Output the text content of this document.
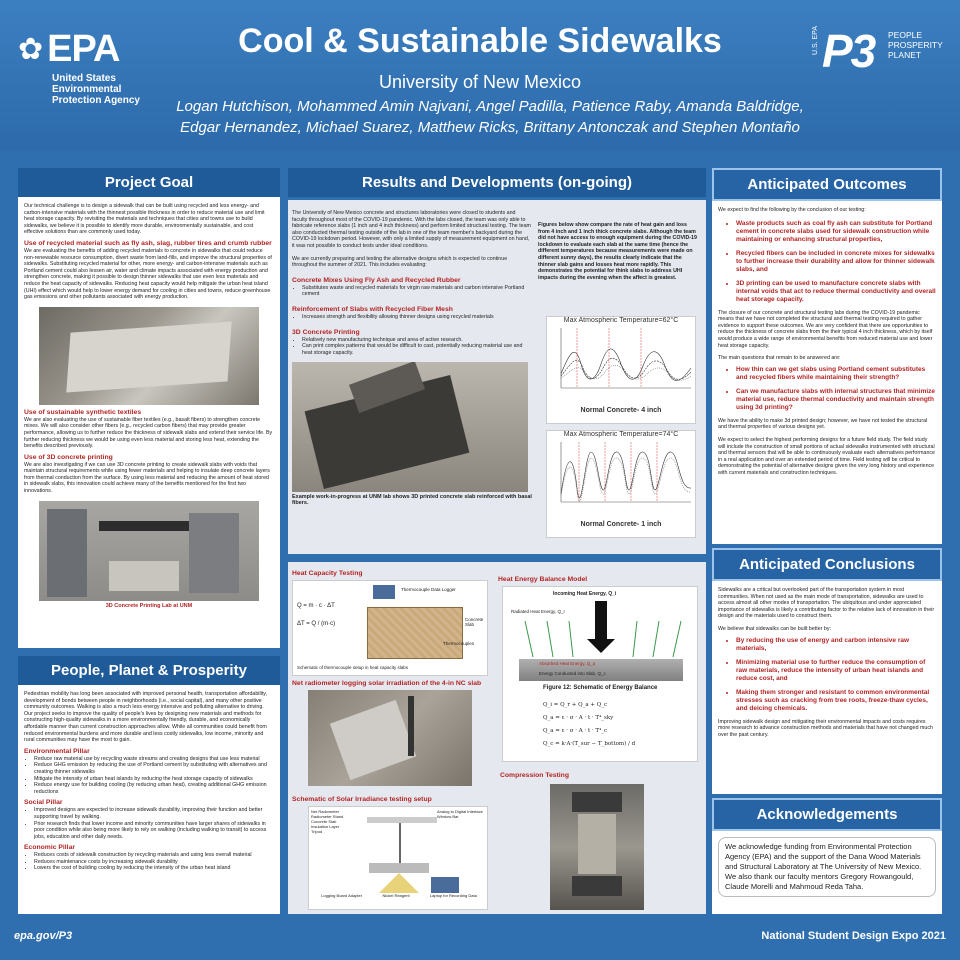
✿ EPA
United States
Environmental
Protection Agency
Cool & Sustainable Sidewalks
University of New Mexico
Logan Hutchison, Mohammed Amin Najvani, Angel Padilla, Patience Raby, Amanda Baldridge,
Edgar Hernandez, Michael Suarez, Matthew Ricks, Brittany Antonczak and Stephen Montaño
U.S. EPA P3 PEOPLE
PROSPERITY
PLANET
Project Goal
Our technical challenge is to design a sidewalk that can be built using recycled and less energy- and carbon-intensive materials with the thinnest possible thickness in order to reduce material use and limit heat storage capacity. By revisiting the materials and techniques that cities and towns use to build sidewalks, we believe it is possible to identify more durable, environmentally sustainable, and cost effective solutions than are commonly used today.
Use of recycled material such as fly ash, slag, rubber tires and crumb rubber
We are evaluating the benefits of adding recycled materials to concrete in sidewalks that could reduce non-renewable resource consumption, divert waste from land-fills, and improve the structural properties of sidewalks. Substituting recycled material for other, more energy- and carbon-intensive materials such as Portland cement could also lessen air, water and climate impacts associated with energy production and strengthen concrete, making it possible to design thinner sidewalks that use even less materials and reduce the heat capacity of sidewalks. Reducing heat capacity would help mitigate the urban heat island (UHI) effect which would help to lower energy demand for cooling in cities and towns, reduce greenhouse gas emissions and other pollutants associated with energy production.
Use of sustainable synthetic textiles
We are also evaluating the use of sustainable fiber textiles (e.g., basalt fibers) to strengthen concrete mixes. We will also consider other fibers (e.g., recycled carbon fibers) that may provide greater performance, allowing us to further reduce the thickness of sidewalk slabs and extend their service life. By further reducing thickness we would be using even less material and storing less heat, extending the benefits described previously.
Use of 3D concrete printing
We are also investigating if we can use 3D concrete printing to create sidewalk slabs with voids that maintain structural requirements while using fewer materials and helping to insulate deep concrete layers from thermal conduction from the surface. By using less material and reducing the amount of heat stored in sidewalk slabs, this innovation could achieve many of the benefits mentioned for the first two innovations.
3D Concrete Printing Lab at UNM
People, Planet & Prosperity
Pedestrian mobility has long been associated with improved personal health, transportation affordability, development of bonds between people in neighborhoods (i.e., social capital), and many other positive community outcomes. Walking is also a much less energy intensive and polluting alternative to driving. Our project seeks to improve the quality of people's lives by designing new materials and methods for constructing high-quality sidewalks in a more environmentally friendly, durable, and economically affordable manner than current construction approaches allow. While all communities could benefit from reduced environmental burdens and more durable and less costly sidewalks, low income, minority and rural communities may have the most to gain.
Environmental Pillar
• Reduce raw material use by recycling waste streams and creating designs that use less material
• Reduce GHG emission by reducing the use of Portland cement by substituting with alternatives and creating thinner sidewalks
• Mitigate the intensity of urban heat islands by reducing the heat storage capacity of sidewalks
• Reduce energy use for building cooling (by reducing urban heat), creating additional GHG emission reductions
Social Pillar
• Improved designs are expected to increase sidewalk durability, improving their function and better supporting travel by walking.
• Prior research finds that lower income and minority communities have larger shares of sidewalks in poor condition while also being more likely to rely on walking (including walking to transit) to access jobs, education and other daily needs.
Economic Pillar
• Reduces costs of sidewalk construction by recycling materials and using less overall material
• Reduces maintenance costs by increasing sidewalk durability
• Lowers the cost of building cooling by reducing the intensity of the urban heat island
Results and Developments (on-going)
The University of New Mexico concrete and structures laboratories were closed to students and faculty throughout most of the COVID-19 pandemic. With the labs closed, the team was only able to fabricate reference slabs (1 inch and 4 inch thickness) and perform limited structural testing. The team also conducted thermal testing outside of the lab in one of the team member's backyard during the COVID-19 lockdown period. However, with only a limited supply of measurement equipment on hand, it was not possible to conduct tests under ideal conditions.
We are currently preparing and testing the alternative designs which is expected to continue throughout the summer of 2021. This includes evaluating:
Concrete Mixes Using Fly Ash and Recycled Rubber
• Substitutes waste and recycled materials for virgin raw materials and carbon intensive Portland cement
Reinforcement of Slabs with Recycled Fiber Mesh
• Increases strength and flexibility allowing thinner designs using recycled materials
3D Concrete Printing
• Relatively new manufacturing technique and area of active research.
• Can print complex patterns that would be difficult to cast, potentially reducing material use and heat storage capacity.
Example work-in-progress at UNM lab shows 3D printed concrete slab reinforced with basal fibers.
Figures below show compare the rate of heat gain and loss from 4 inch and 1 inch thick concrete slabs. Although the team did not have access to enough equipment during the COVID-19 lockdown to evaluate each slab at the same time (hence the different temperatures because measurements were made on different sunny days), the results clearly indicate that the thinner slab gains and losses heat more rapidly. This demonstrates the potential for think slabs to address UHI impacts during the evening when the affect is greatest.
Max Atmospheric Temperature=62°C
Normal Concrete- 4 inch
Max Atmospheric Temperature=74°C
Normal Concrete- 1 inch
Heat Capacity Testing
Q = m · c · ΔT
ΔT = Q / (m·c)
Thermocouple Data Logger
Concrete Slab
Thermocouples
Schematic of thermocouple setup in heat capacity slabs
Net radiometer logging solar irradiation of the 4-in NC slab
Schematic of Solar Irradiance testing setup
Net Radiometer
Radiometer Stand
Concrete Slab
Insulation Layer
Tripod
Analog to Digital Interface
Window Bar
Logging Board Adapter	Nickel Reagent	Laptop for Recording Data
Heat Energy Balance Model
Incoming Heat Energy, Q_i
Radiated Heat Energy, Q_r
Absorbed Heat Energy, Q_a
Energy Conducted into Slab, Q_c
Figure 12: Schematic of Energy Balance
Q_i = Q_r + Q_a + Q_c
Q_a = ε · σ · A · t · T⁴_sky
Q_a = ε · σ · A · t · T⁴_c
Q_c = k·A·(T_sur − T_bottom) / d
Compression Testing
Anticipated Outcomes
We expect to find the following by the conclusion of our testing:
• Waste products such as coal fly ash can substitute for Portland cement in concrete slabs used for sidewalk construction while maintaining or enhancing structural properties,
• Recycled fibers can be included in concrete mixes for sidewalks to further increase their durability and allow for thinner sidewalk slabs, and
• 3D printing can be used to manufacture concrete slabs with internal voids that act to reduce thermal conductivity and overall heat storage capacity.
The closure of our concrete and structural testing labs during the COVID-19 pandemic means that we have not completed the structural and thermal testing required to gather evidence to support these outcomes. We are very confident that there are opportunities to reduce the thickness of concrete slabs from the their typical 4 inch thickness, which by itself would produce a wide range of environmental benefits from reduced material use and lower heat storage capacity.
The main questions that remain to be answered are:
• How thin can we get slabs using Portland cement substitutes and recycled fibers while maintaining their strength?
• Can we manufacture slabs with internal structures that minimize material use, reduce thermal conductivity and maintain strength using 3d printing?
We have the ability to make 3d printed design; however, we have not tested the structural and thermal properties of various designs yet.
We expect to select the highest performing designs for a future field study. The field study will include the construction of small portions of actual sidewalks instrumented with structural and thermal sensors that will be able to continuously evaluate each alternatives performance in a real application and over an extended period of time. Field testing will be critical to demonstrating the potential of alternative designs given the very long history and experience with current materials and construction techniques.
Anticipated Conclusions
Sidewalks are a critical but overlooked part of the transportation system in most communities. When not used as the main mode of transportation, sidewalks are used to access almost all other modes of transportation. The ubiquitous and under appreciated importance of sidewalks is likely a contributing factor to the relative lack of innovation in their design and the materials used to construct them.
We believe that sidewalks can be built better by:
• By reducing the use of energy and carbon intensive raw materials,
• Minimizing material use to further reduce the consumption of raw materials, reduce the intensity of urban heat islands and reduce cost, and
• Making them stronger and resistant to common environmental stresses such as cracking from tree roots, freeze-thaw cycles, and deicing chemicals.
Improving sidewalk design and mitigating their environmental impacts and costs requires more research to advance construction methods and materials that have not changed much over the past century.
Acknowledgements
We acknowledge funding from Environmental Protection Agency (EPA) and the support of the Dana Wood Materials and Structural Laboratory at The University of New Mexico. We also thank our faculty mentors Gregory Rowangould, Claude Morelli and Mahmoud Reda Taha.
epa.gov/P3	National Student Design Expo 2021
